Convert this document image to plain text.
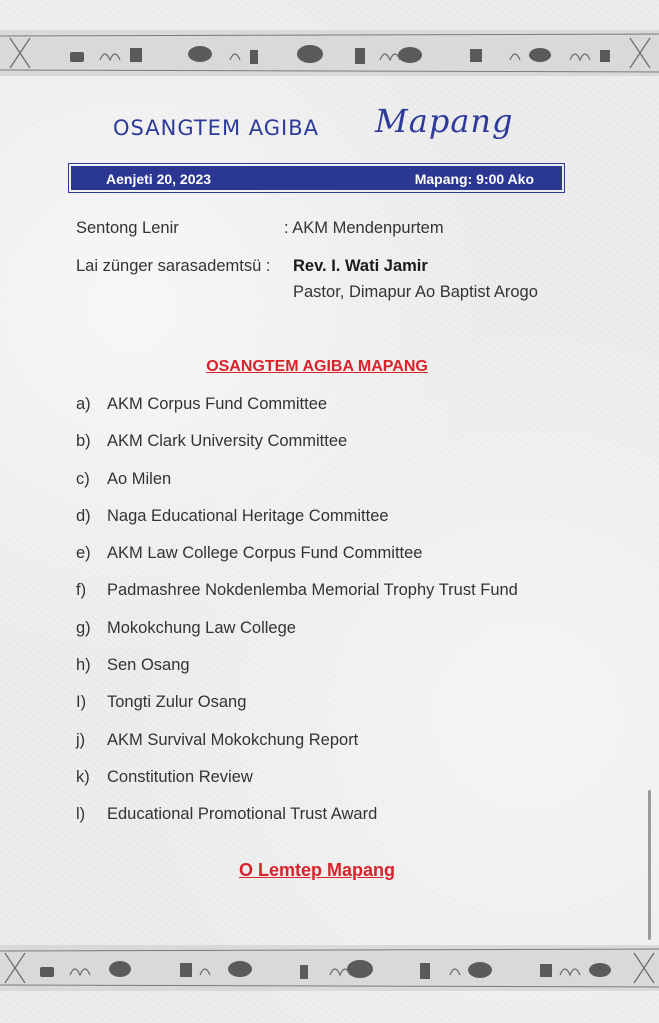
OSANGTEM AGIBA Mapang
Aenjeti 20, 2023	Mapang: 9:00 Ako
Sentong Lenir	: AKM Mendenpurtem
Lai zünger sarasademtsü : Rev. I. Wati Jamir
Pastor, Dimapur Ao Baptist Arogo
OSANGTEM AGIBA MAPANG
a) AKM Corpus Fund Committee
b) AKM Clark University Committee
c) Ao Milen
d) Naga Educational Heritage Committee
e) AKM Law College Corpus Fund Committee
f) Padmashree Nokdenlemba Memorial Trophy Trust Fund
g) Mokokchung Law College
h) Sen Osang
I) Tongti Zulur Osang
j) AKM Survival Mokokchung Report
k) Constitution Review
l) Educational Promotional Trust Award
O Lemtep Mapang
